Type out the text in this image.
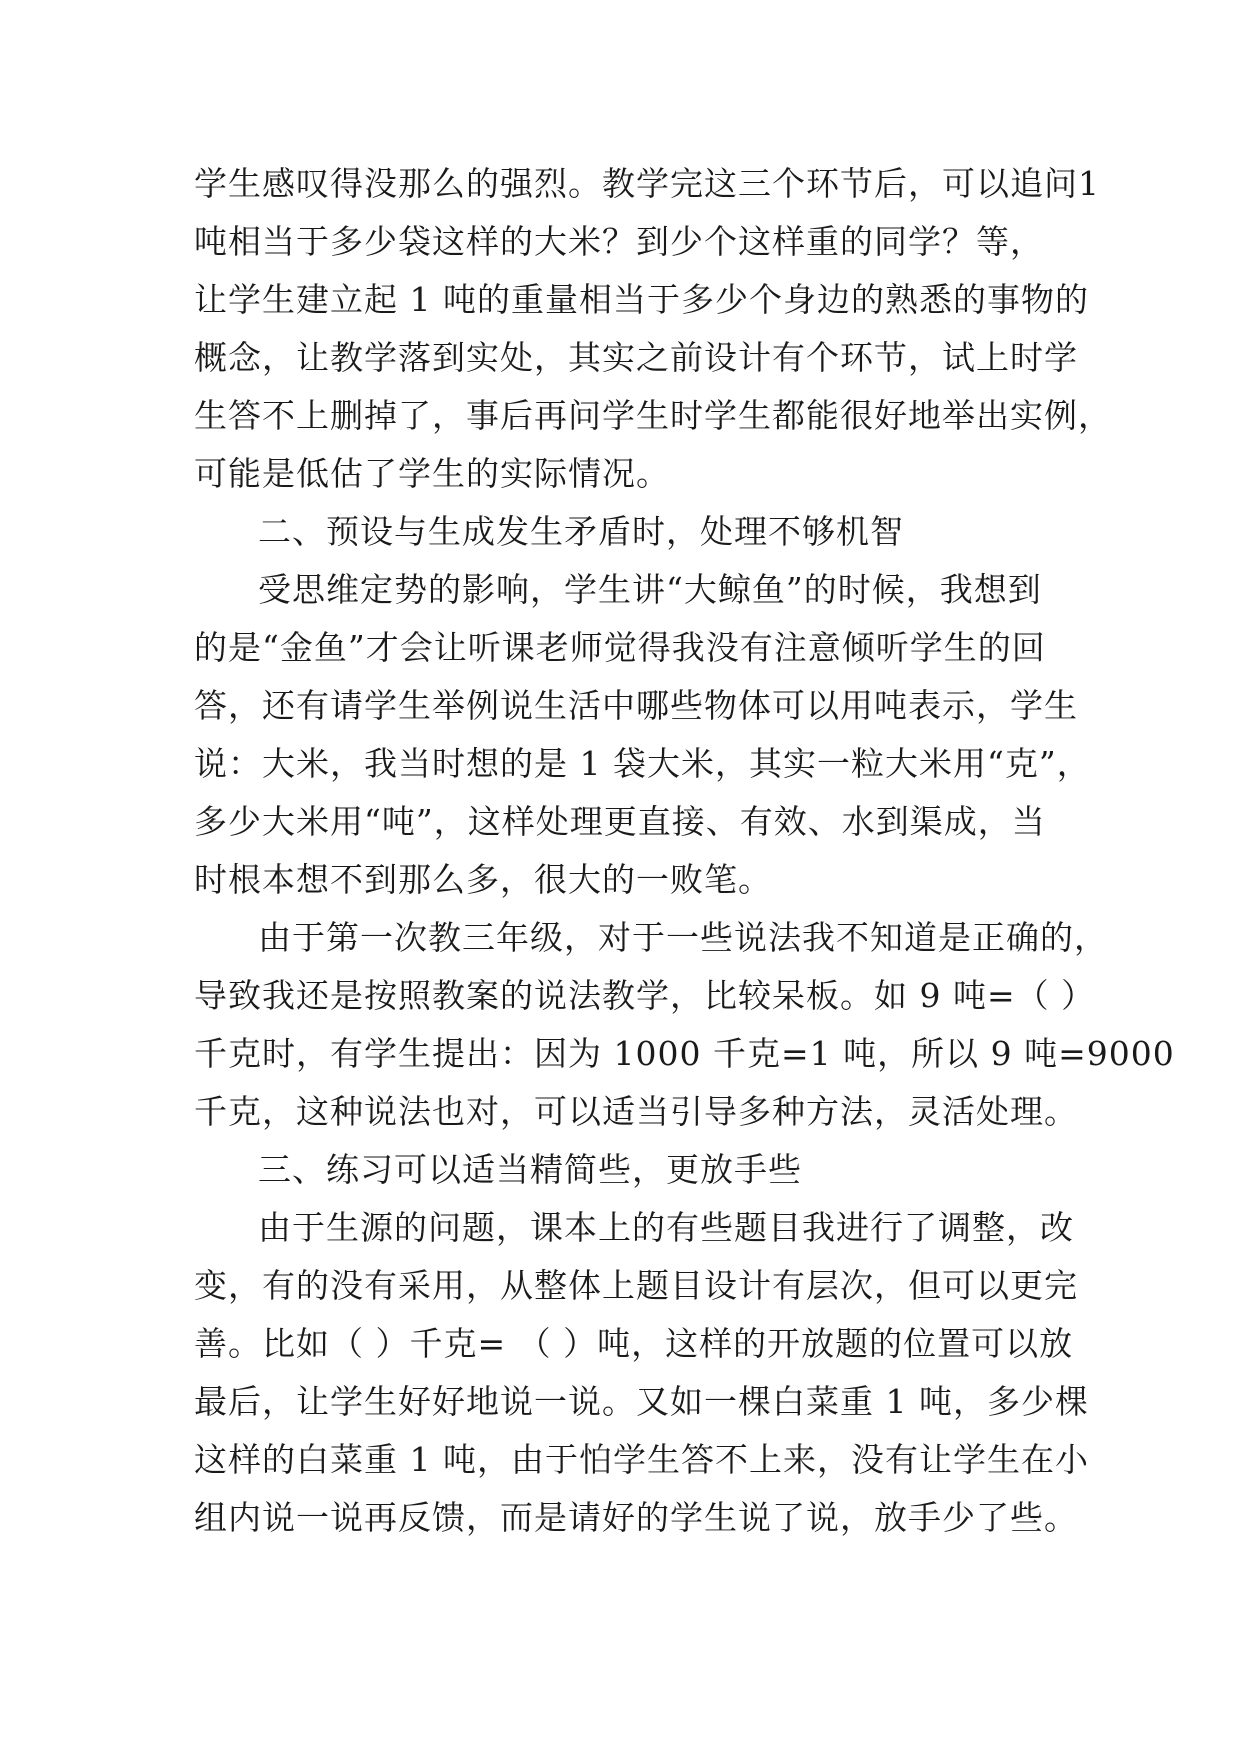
学生感叹得没那么的强烈。教学完这三个环节后，可以追问1
吨相当于多少袋这样的大米？到少个这样重的同学？等，
让学生建立起 1 吨的重量相当于多少个身边的熟悉的事物的
概念，让教学落到实处，其实之前设计有个环节，试上时学
生答不上删掉了，事后再问学生时学生都能很好地举出实例，
可能是低估了学生的实际情况。
二、预设与生成发生矛盾时，处理不够机智
受思维定势的影响，学生讲“大鲸鱼”的时候，我想到
的是“金鱼”才会让听课老师觉得我没有注意倾听学生的回
答，还有请学生举例说生活中哪些物体可以用吨表示，学生
说：大米，我当时想的是 1 袋大米，其实一粒大米用“克”，
多少大米用“吨”，这样处理更直接、有效、水到渠成，当
时根本想不到那么多，很大的一败笔。
由于第一次教三年级，对于一些说法我不知道是正确的，
导致我还是按照教案的说法教学，比较呆板。如 9 吨=（ ）
千克时，有学生提出：因为 1000 千克=1 吨，所以 9 吨=9000
千克，这种说法也对，可以适当引导多种方法，灵活处理。
三、练习可以适当精简些，更放手些
由于生源的问题，课本上的有些题目我进行了调整，改
变，有的没有采用，从整体上题目设计有层次，但可以更完
善。比如（ ）千克= （ ）吨，这样的开放题的位置可以放
最后，让学生好好地说一说。又如一棵白菜重 1 吨，多少棵
这样的白菜重 1 吨，由于怕学生答不上来，没有让学生在小
组内说一说再反馈，而是请好的学生说了说，放手少了些。
